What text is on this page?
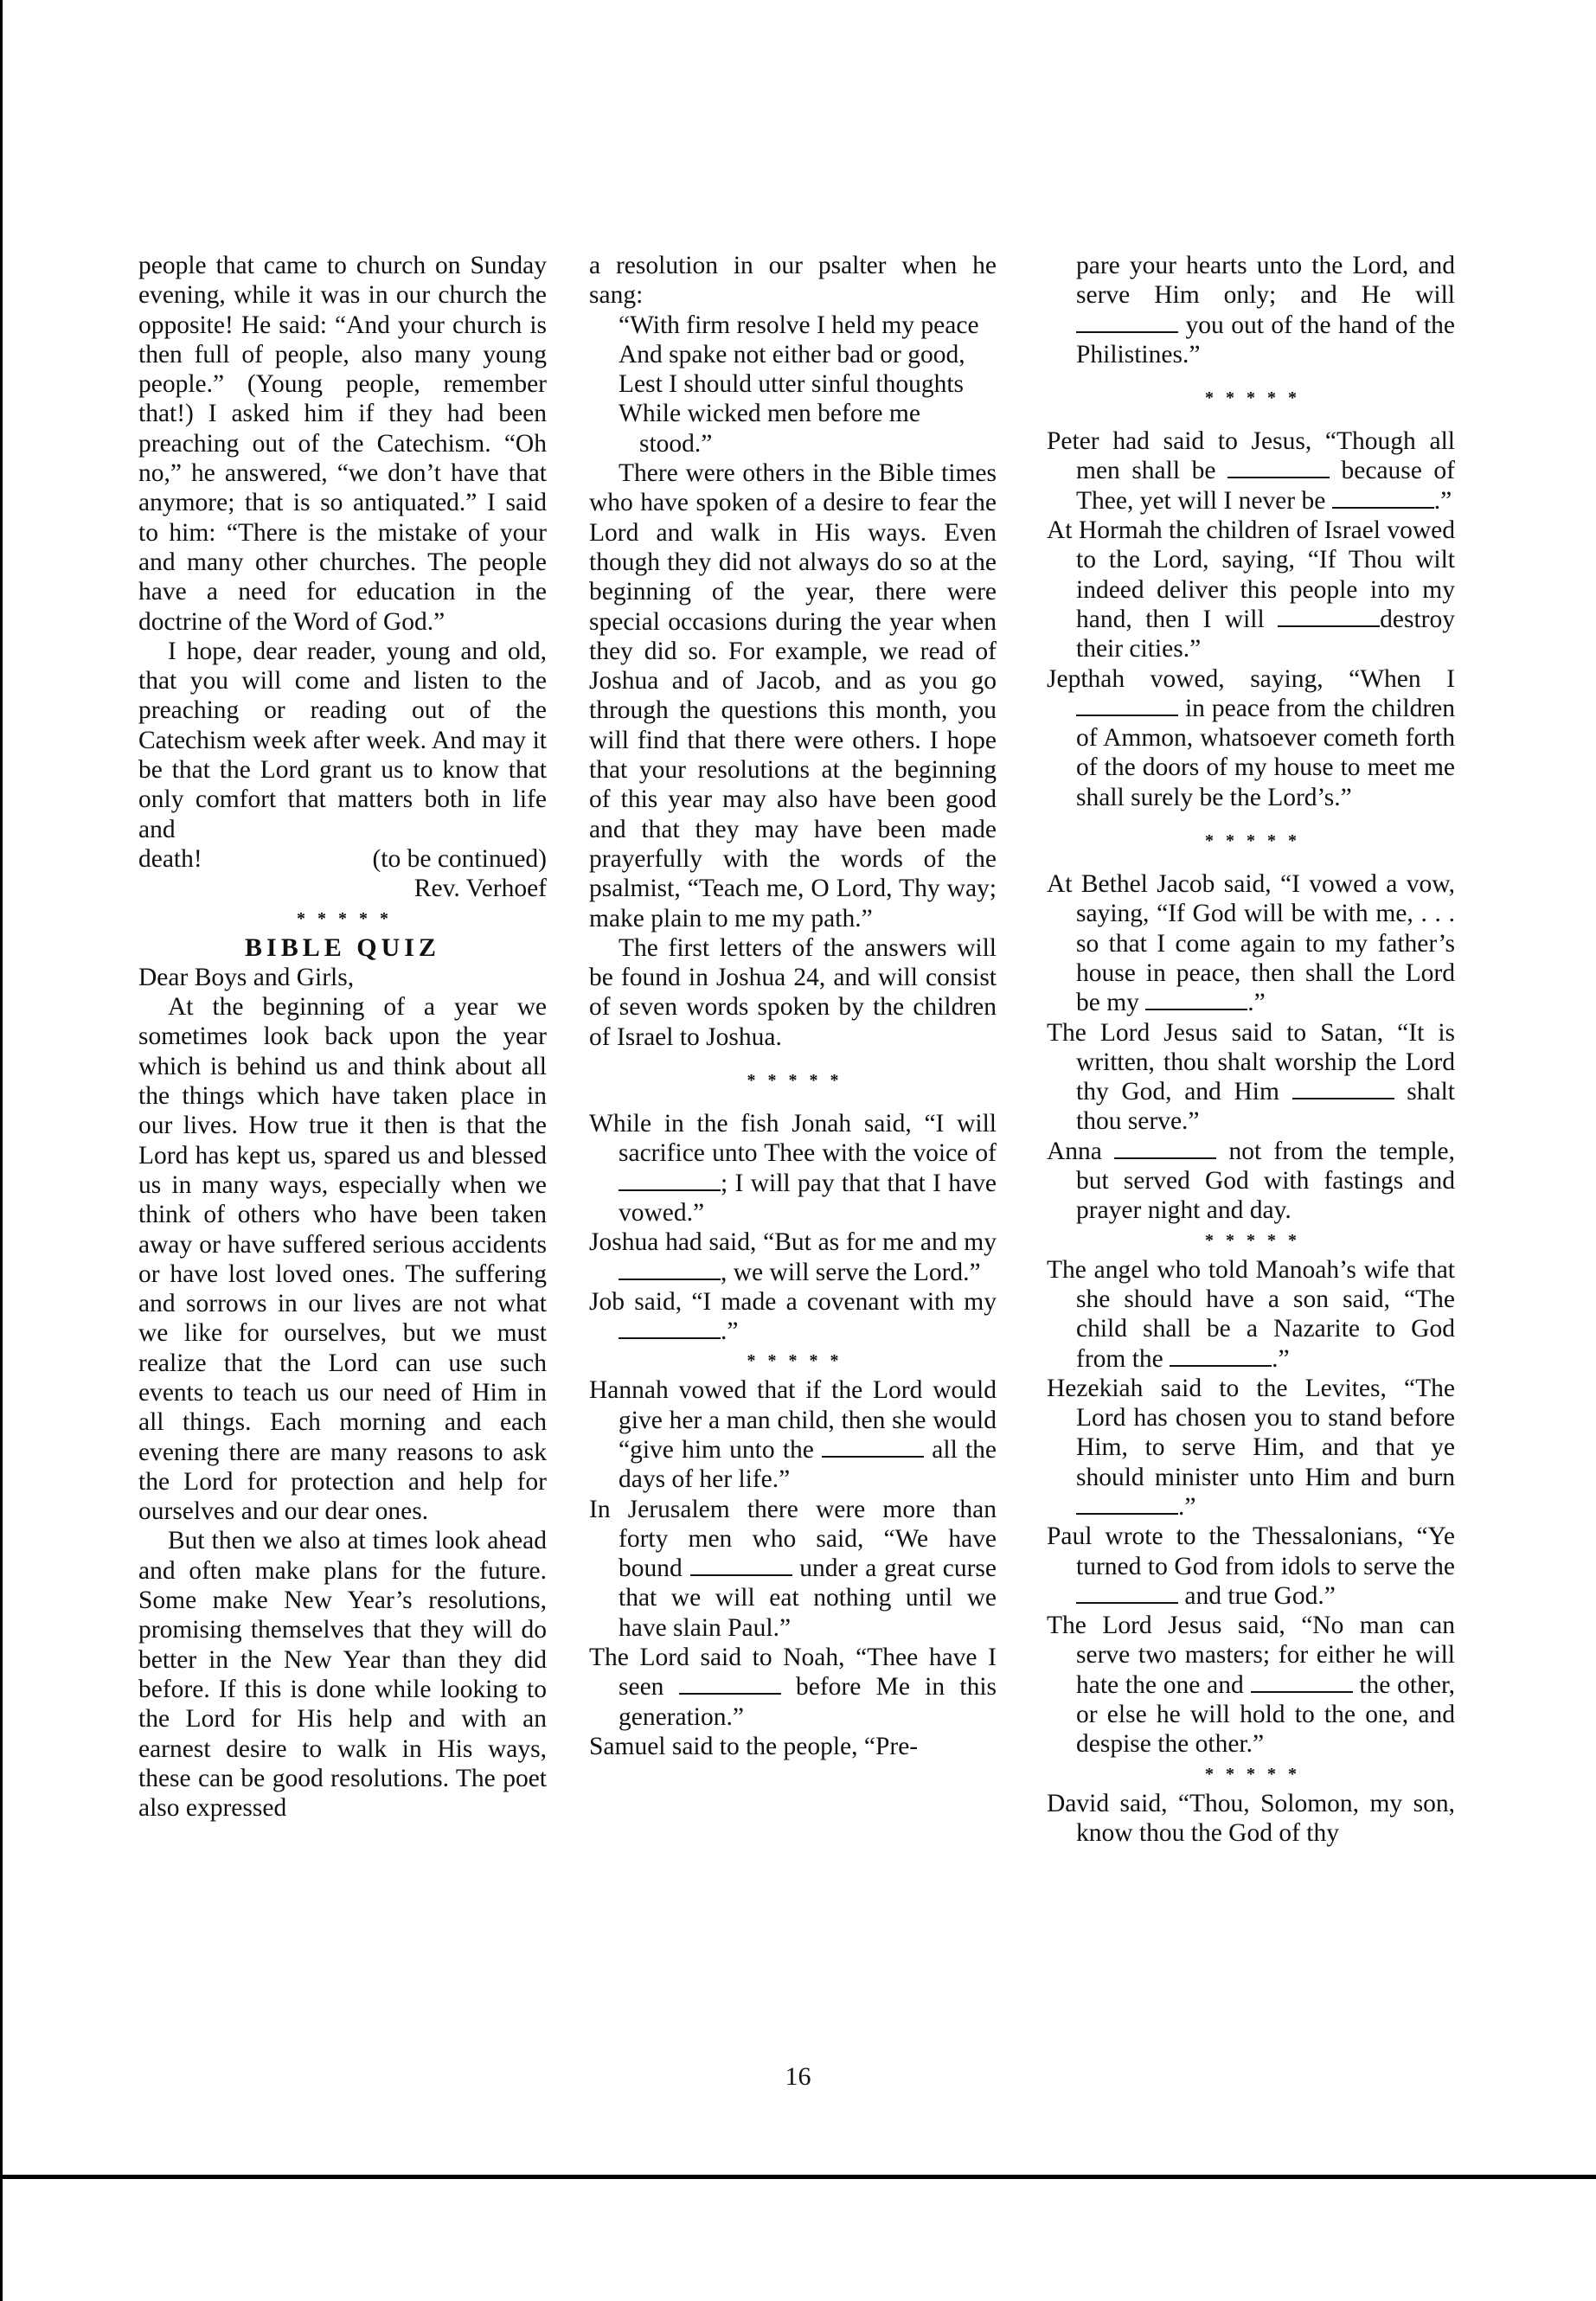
people that came to church on Sunday evening, while it was in our church the opposite! He said: “And your church is then full of people, also many young people.” (Young people, remember that!) I asked him if they had been preaching out of the Catechism. “Oh no,” he answered, “we don’t have that anymore; that is so antiquated.” I said to him: “There is the mistake of your and many other churches. The people have a need for education in the doctrine of the Word of God.”

I hope, dear reader, young and old, that you will come and listen to the preaching or reading out of the Catechism week after week. And may it be that the Lord grant us to know that only comfort that matters both in life and

death!	(to be continued)

Rev. Verhoef

*****

BIBLE QUIZ

Dear Boys and Girls,

At the beginning of a year we sometimes look back upon the year which is behind us and think about all the things which have taken place in our lives. How true it then is that the Lord has kept us, spared us and blessed us in many ways, especially when we think of others who have been taken away or have suffered serious accidents or have lost loved ones. The suffering and sorrows in our lives are not what we like for ourselves, but we must realize that the Lord can use such events to teach us our need of Him in all things. Each morning and each evening there are many reasons to ask the Lord for protection and help for ourselves and our dear ones.

But then we also at times look ahead and often make plans for the future. Some make New Year’s resolutions, promising themselves that they will do better in the New Year than they did before. If this is done while looking to the Lord for His help and with an earnest desire to walk in His ways, these can be good resolutions. The poet also expressed

a resolution in our psalter when he sang:

“With firm resolve I held my peace

And spake not either bad or good,

Lest I should utter sinful thoughts

While wicked men before me stood.”

There were others in the Bible times who have spoken of a desire to fear the Lord and walk in His ways. Even though they did not always do so at the beginning of the year, there were special occasions during the year when they did so. For example, we read of Joshua and of Jacob, and as you go through the questions this month, you will find that there were others. I hope that your resolutions at the beginning of this year may also have been good and that they may have been made prayerfully with the words of the psalmist, “Teach me, O Lord, Thy way; make plain to me my path.”

The first letters of the answers will be found in Joshua 24, and will consist of seven words spoken by the children of Israel to Joshua.

*****

While in the fish Jonah said, “I will sacrifice unto Thee with the voice of ; I will pay that that I have vowed.”

Joshua had said, “But as for me and my , we will serve the Lord.”

Job said, “I made a covenant with my .”

*****

Hannah vowed that if the Lord would give her a man child, then she would “give him unto the	all the days of her life.”

In Jerusalem there were more than forty men who said, “We have bound	under a great curse that we will eat nothing until we have slain Paul.”

The Lord said to Noah, “Thee have I seen	before Me in this generation.”

Samuel said to the people, “Pre-

pare your hearts unto the Lord, and serve Him only; and He will  you out of the hand of the Philistines.”

*****

Peter had said to Jesus, “Though all men shall be	because of Thee, yet will I never be	.”

At Hormah the children of Israel vowed to the Lord, saying, “If Thou wilt indeed deliver this people into my hand, then I will	destroy their cities.”

Jepthah vowed, saying, “When I  in peace from the children of Ammon, whatsoever cometh forth of the doors of my house to meet me shall surely be the Lord’s.”

*****

At Bethel Jacob said, “I vowed a vow, saying, “If God will be with me, . . . so that I come again to my father’s house in peace, then shall the Lord be my	.”

The Lord Jesus said to Satan, “It is written, thou shalt worship the Lord thy God, and Him	shalt thou serve.”

Anna	not from the temple, but served God with fastings and prayer night and day.

*****

The angel who told Manoah’s wife that she should have a son said, “The child shall be a Nazarite to God from the	.”

Hezekiah said to the Levites, “The Lord has chosen you to stand before Him, to serve Him, and that ye should minister unto Him and burn .”

Paul wrote to the Thessalonians, “Ye turned to God from idols to serve the  and true God.”

The Lord Jesus said, “No man can serve two masters; for either he will hate the one and	the other, or else he will hold to the one, and despise the other.”

*****

David said, “Thou, Solomon, my son, know thou the God of thy

16
